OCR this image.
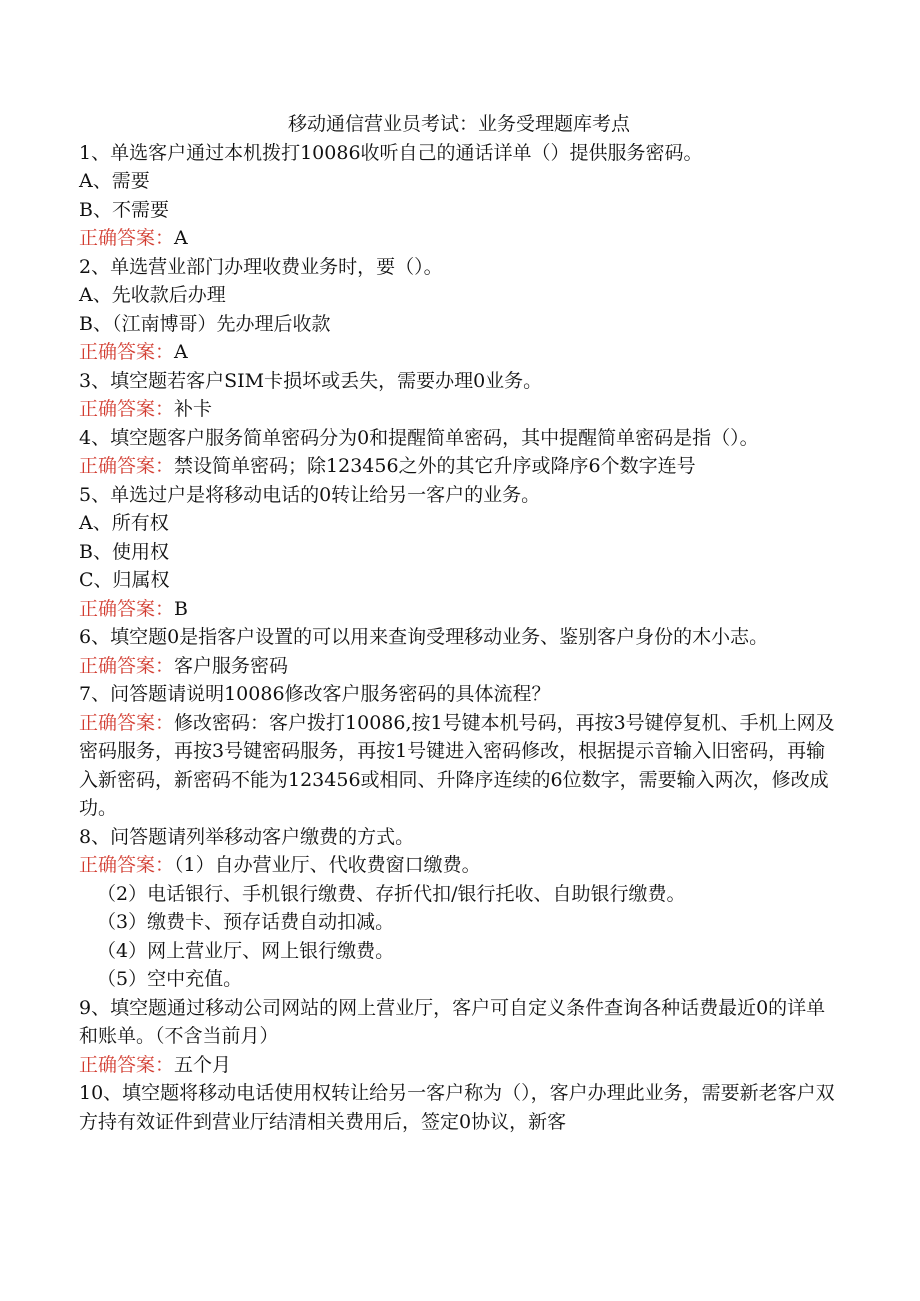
移动通信营业员考试：业务受理题库考点

1、单选客户通过本机拨打10086收听自己的通话详单（）提供服务密码。

A、需要

B、不需要

正确答案：A

2、单选营业部门办理收费业务时，要（）。

A、先收款后办理

B、（江南博哥）先办理后收款

正确答案：A

3、填空题若客户SIM卡损坏或丢失，需要办理0业务。

正确答案：补卡

4、填空题客户服务简单密码分为0和提醒简单密码，其中提醒简单密码是指（）。

正确答案：禁设简单密码；除123456之外的其它升序或降序6个数字连号

5、单选过户是将移动电话的0转让给另一客户的业务。

A、所有权

B、使用权

C、归属权

正确答案：B

6、填空题0是指客户设置的可以用来查询受理移动业务、鉴别客户身份的木小志。

正确答案：客户服务密码

7、问答题请说明10086修改客户服务密码的具体流程？

正确答案：修改密码：客户拨打10086,按1号键本机号码，再按3号键停复机、手机上网及密码服务，再按3号键密码服务，再按1号键进入密码修改，根据提示音输入旧密码，再输入新密码，新密码不能为123456或相同、升降序连续的6位数字，需要输入两次，修改成功。

8、问答题请列举移动客户缴费的方式。

正确答案：（1）自办营业厅、代收费窗口缴费。

（2）电话银行、手机银行缴费、存折代扣/银行托收、自助银行缴费。

（3）缴费卡、预存话费自动扣减。

（4）网上营业厅、网上银行缴费。

（5）空中充值。

9、填空题通过移动公司网站的网上营业厅，客户可自定义条件查询各种话费最近0的详单和账单。（不含当前月）

正确答案：五个月

10、填空题将移动电话使用权转让给另一客户称为（），客户办理此业务，需要新老客户双方持有效证件到营业厅结清相关费用后，签定0协议，新客
